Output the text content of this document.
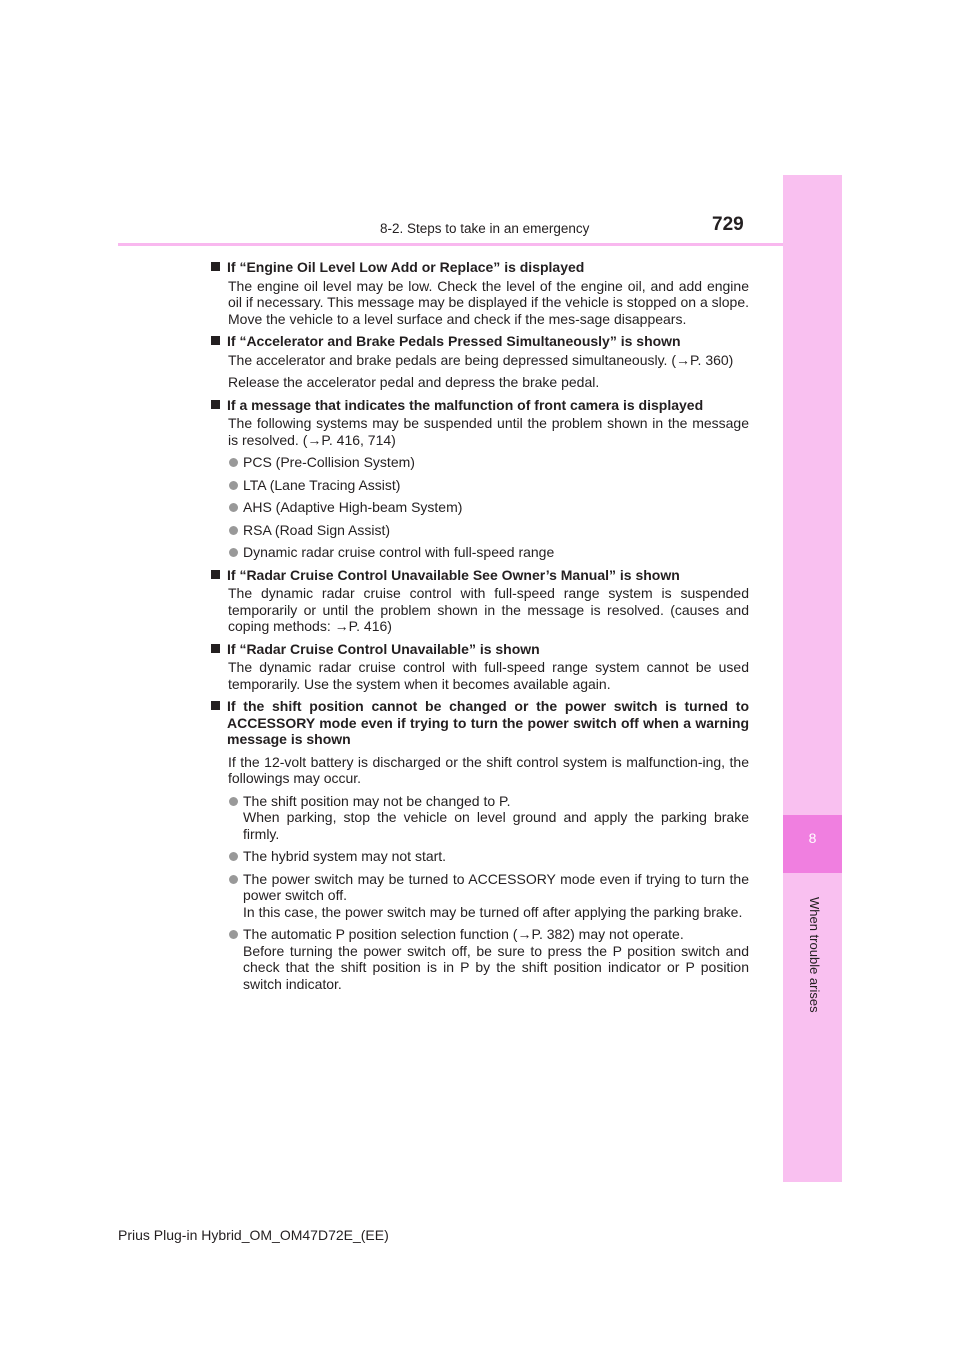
8
When trouble arises
8-2. Steps to take in an emergency	729
If “Engine Oil Level Low Add or Replace” is displayed
The engine oil level may be low. Check the level of the engine oil, and add engine oil if necessary. This message may be displayed if the vehicle is stopped on a slope. Move the vehicle to a level surface and check if the mes-sage disappears.
If “Accelerator and Brake Pedals Pressed Simultaneously” is shown
The accelerator and brake pedals are being depressed simultaneously. (→P. 360)
Release the accelerator pedal and depress the brake pedal.
If a message that indicates the malfunction of front camera is displayed
The following systems may be suspended until the problem shown in the message is resolved. (→P. 416, 714)
PCS (Pre-Collision System)
LTA (Lane Tracing Assist)
AHS (Adaptive High-beam System)
RSA (Road Sign Assist)
Dynamic radar cruise control with full-speed range
If “Radar Cruise Control Unavailable See Owner’s Manual” is shown
The dynamic radar cruise control with full-speed range system is suspended temporarily or until the problem shown in the message is resolved. (causes and coping methods: →P. 416)
If “Radar Cruise Control Unavailable” is shown
The dynamic radar cruise control with full-speed range system cannot be used temporarily. Use the system when it becomes available again.
If the shift position cannot be changed or the power switch is turned to ACCESSORY mode even if trying to turn the power switch off when a warning message is shown
If the 12-volt battery is discharged or the shift control system is malfunction-ing, the followings may occur.
The shift position may not be changed to P.
When parking, stop the vehicle on level ground and apply the parking brake firmly.
The hybrid system may not start.
The power switch may be turned to ACCESSORY mode even if trying to turn the power switch off.
In this case, the power switch may be turned off after applying the parking brake.
The automatic P position selection function (→P. 382) may not operate.
Before turning the power switch off, be sure to press the P position switch and check that the shift position is in P by the shift position indicator or P position switch indicator.
Prius Plug-in Hybrid_OM_OM47D72E_(EE)
